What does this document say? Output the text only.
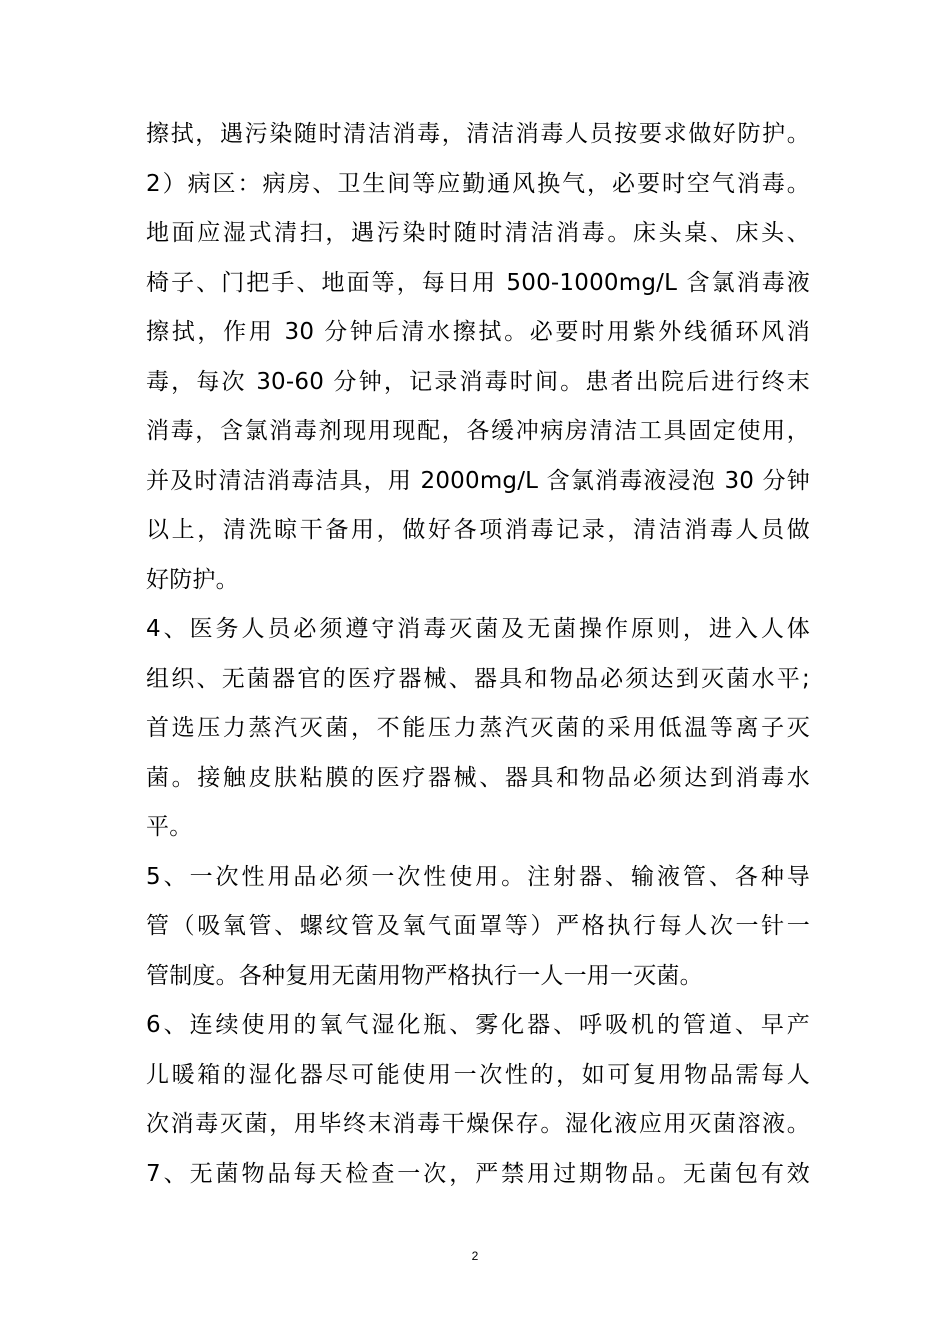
擦拭，遇污染随时清洁消毒，清洁消毒人员按要求做好防护。
2）病区：病房、卫生间等应勤通风换气，必要时空气消毒。
地面应湿式清扫，遇污染时随时清洁消毒。床头桌、床头、
椅子、门把手、地面等，每日用 500-1000mg/L 含氯消毒液
擦拭，作用 30 分钟后清水擦拭。必要时用紫外线循环风消
毒，每次 30-60 分钟，记录消毒时间。患者出院后进行终末
消毒，含氯消毒剂现用现配，各缓冲病房清洁工具固定使用，
并及时清洁消毒洁具，用 2000mg/L 含氯消毒液浸泡 30 分钟
以上，清洗晾干备用，做好各项消毒记录，清洁消毒人员做
好防护。
4、医务人员必须遵守消毒灭菌及无菌操作原则，进入人体
组织、无菌器官的医疗器械、器具和物品必须达到灭菌水平;
首选压力蒸汽灭菌，不能压力蒸汽灭菌的采用低温等离子灭
菌。接触皮肤粘膜的医疗器械、器具和物品必须达到消毒水
平。
5、一次性用品必须一次性使用。注射器、输液管、各种导
管（吸氧管、螺纹管及氧气面罩等）严格执行每人次一针一
管制度。各种复用无菌用物严格执行一人一用一灭菌。
6、连续使用的氧气湿化瓶、雾化器、呼吸机的管道、早产
儿暖箱的湿化器尽可能使用一次性的，如可复用物品需每人
次消毒灭菌，用毕终末消毒干燥保存。湿化液应用灭菌溶液。
7、无菌物品每天检查一次，严禁用过期物品。无菌包有效
2
